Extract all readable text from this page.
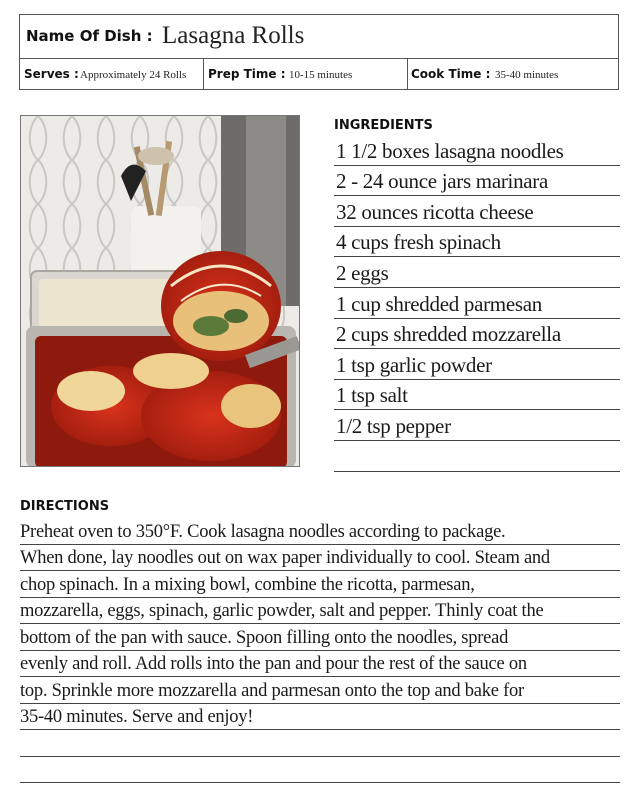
Name Of Dish : Lasagna Rolls
Serves : Approximately 24 Rolls Prep Time : 10-15 minutes	Cook Time : 35-40 minutes
INGREDIENTS
1 1/2 boxes lasagna noodles
2 - 24 ounce jars marinara
32 ounces ricotta cheese
4 cups fresh spinach
2 eggs
1 cup shredded parmesan
2 cups shredded mozzarella
1 tsp garlic powder
1 tsp salt
1/2 tsp pepper
DIRECTIONS
Preheat oven to 350°F. Cook lasagna noodles according to package.
When done, lay noodles out on wax paper individually to cool. Steam and
chop spinach. In a mixing bowl, combine the ricotta, parmesan,
mozzarella, eggs, spinach, garlic powder, salt and pepper. Thinly coat the
bottom of the pan with sauce. Spoon filling onto the noodles, spread
evenly and roll. Add rolls into the pan and pour the rest of the sauce on
top. Sprinkle more mozzarella and parmesan onto the top and bake for
35-40 minutes. Serve and enjoy!
